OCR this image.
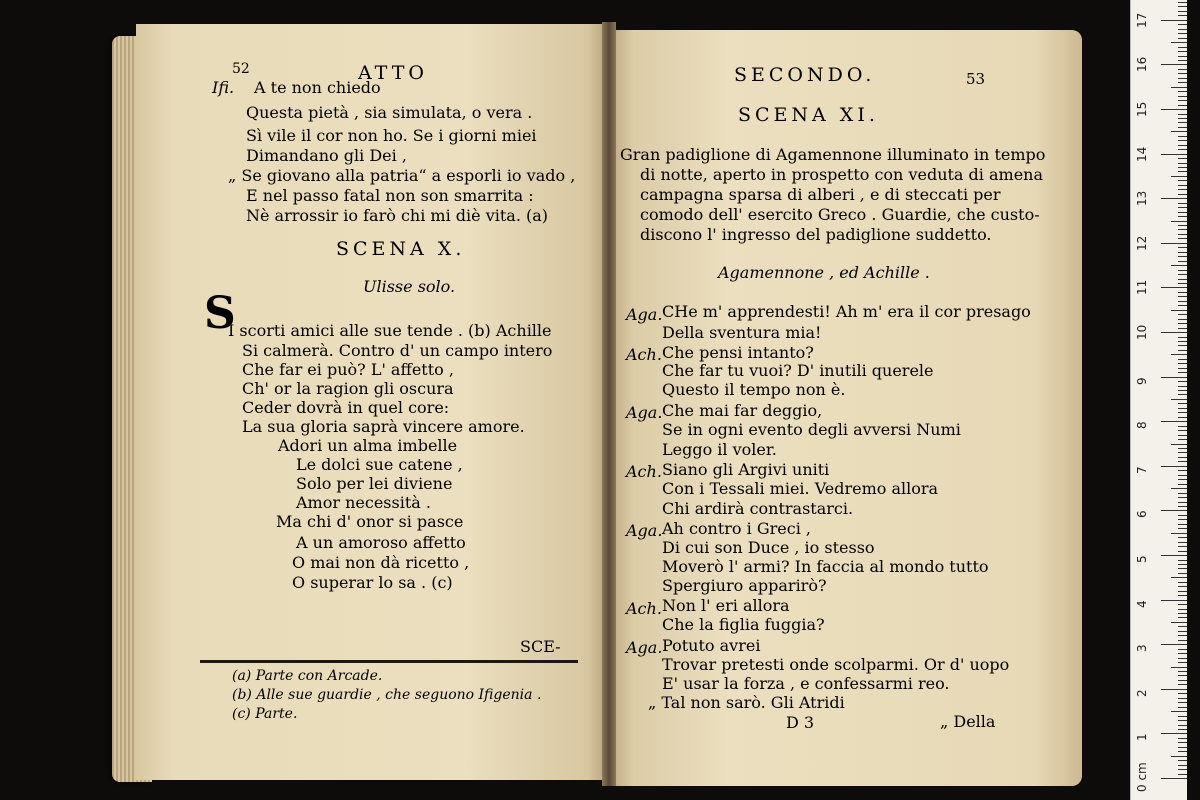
52	ATTO
Ifi. A te non chiedo
Questa pietà , sia simulata, o vera .
Sì vile il cor non ho. Se i giorni miei
Dimandano gli Dei ,
„ Se giovano alla patria“ a esporli io vado ,
E nel passo fatal non son smarrita :
Nè arrossir io farò chi mi diè vita. (a)
SCENA X.
Ulisse solo.
S
I scorti amici alle sue tende . (b) Achille
Si calmerà. Contro d' un campo intero
Che far ei può? L' affetto ,
Ch' or la ragion gli oscura
Ceder dovrà in quel core:
La sua gloria saprà vincere amore.
Adori un alma imbelle
Le dolci sue catene ,
Solo per lei diviene
Amor necessità .
Ma chi d' onor si pasce
A un amoroso affetto
O mai non dà ricetto ,
O superar lo sa . (c)
SCE-
(a) Parte con Arcade.
(b) Alle sue guardie , che seguono Ifigenia .
(c) Parte.
SECONDO.	53
SCENA XI.
Gran padiglione di Agamennone illuminato in tempo
di notte, aperto in prospetto con veduta di amena
campagna sparsa di alberi , e di steccati per
comodo dell' esercito Greco . Guardie, che custo-
discono l' ingresso del padiglione suddetto.
Agamennone , ed Achille .
Aga. CHe m' apprendesti! Ah m' era il cor presago
Della sventura mia!
Ach. Che pensi intanto?
Che far tu vuoi? D' inutili querele
Questo il tempo non è.
Aga. Che mai far deggio,
Se in ogni evento degli avversi Numi
Leggo il voler.
Ach. Siano gli Argivi uniti
Con i Tessali miei. Vedremo allora
Chi ardirà contrastarci.
Aga. Ah contro i Greci ,
Di cui son Duce , io stesso
Moverò l' armi? In faccia al mondo tutto
Spergiuro apparirò?
Ach. Non l' eri allora
Che la figlia fuggia?
Aga. Potuto avrei
Trovar pretesti onde scolparmi. Or d' uopo
E' usar la forza , e confessarmi reo.
„ Tal non sarò. Gli Atridi
D 3	„ Della
0 cm
1
2
3
4
5
6
7
8
9
10
11
12
13
14
15
16
17
